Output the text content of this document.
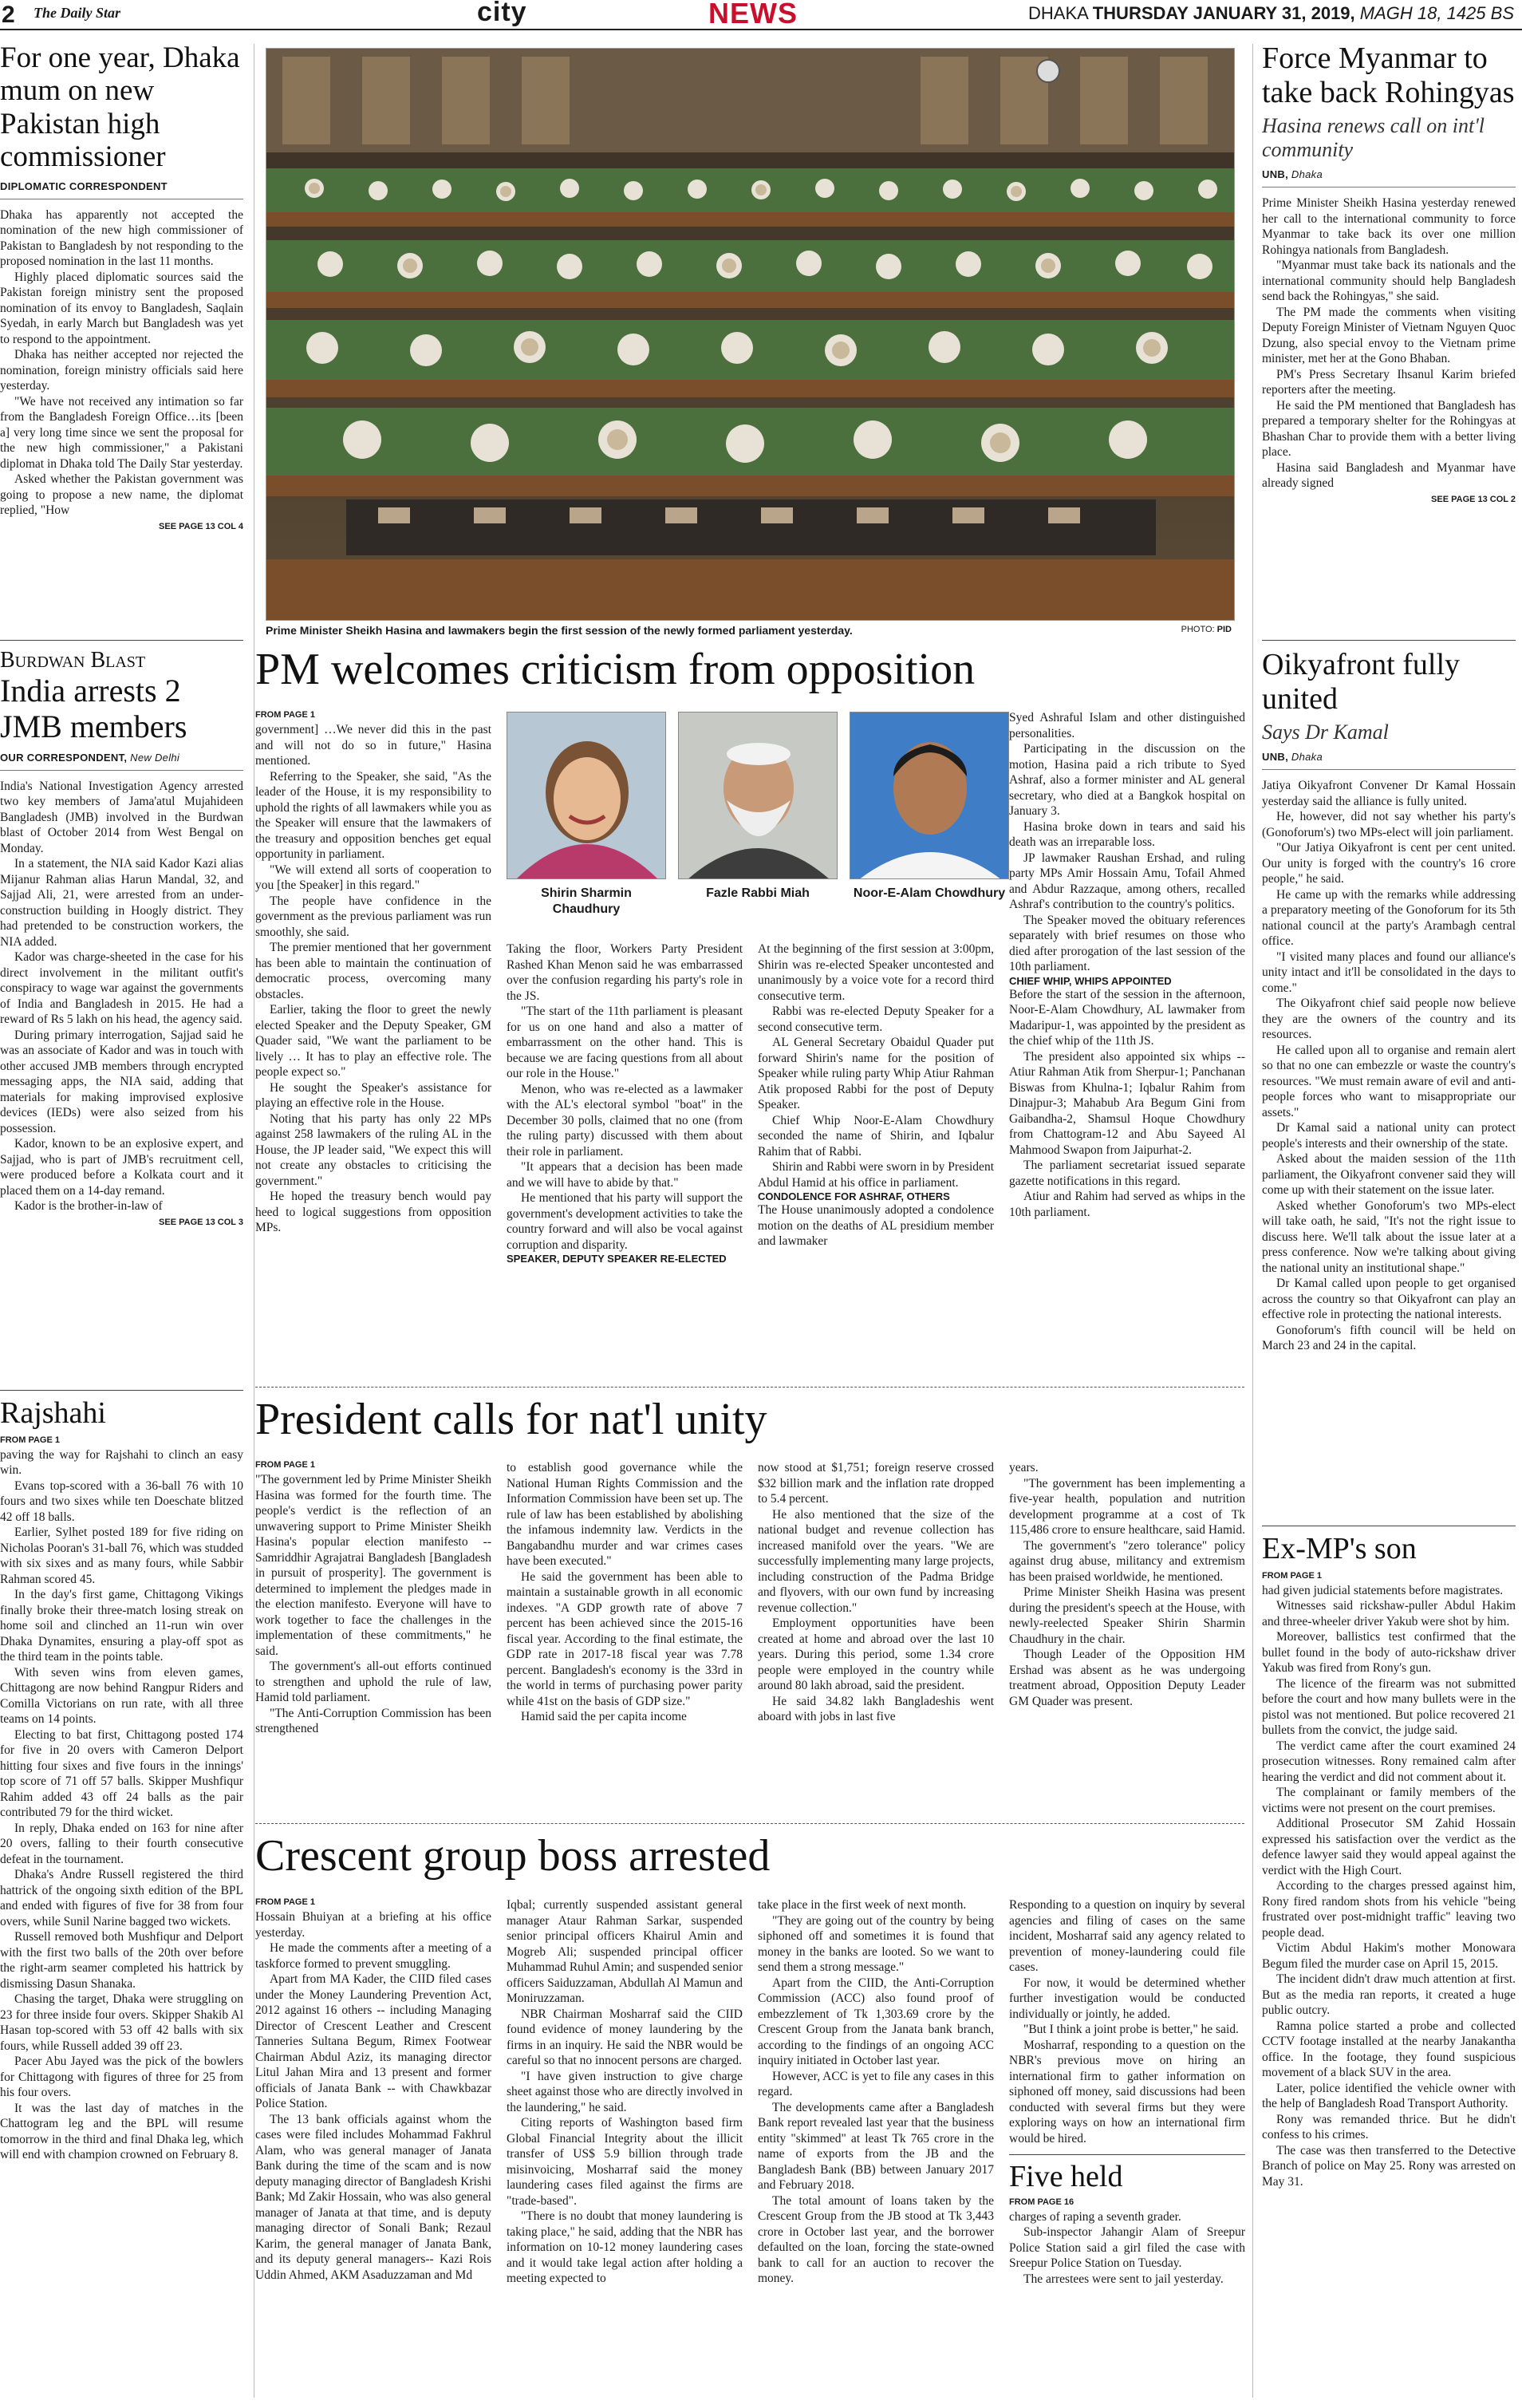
2 The Daily Star	city	NEWS	DHAKA THURSDAY JANUARY 31, 2019, MAGH 18, 1425 BS
For one year, Dhaka mum on new Pakistan high commissioner
DIPLOMATIC CORRESPONDENT

Dhaka has apparently not accepted the nomination of the new high commissioner of Pakistan to Bangladesh by not responding to the proposed nomination in the last 11 months.

Highly placed diplomatic sources said the Pakistan foreign ministry sent the proposed nomination of its envoy to Bangladesh, Saqlain Syedah, in early March but Bangladesh was yet to respond to the appointment.

Dhaka has neither accepted nor rejected the nomination, foreign ministry officials said here yesterday.

"We have not received any intimation so far from the Bangladesh Foreign Office…its [been a] very long time since we sent the proposal for the new high commissioner," a Pakistani diplomat in Dhaka told The Daily Star yesterday.

Asked whether the Pakistan government was going to propose a new name, the diplomat replied, "How

SEE PAGE 13 COL 4
Burdwan Blast
India arrests 2 JMB members
OUR CORRESPONDENT, New Delhi

India's National Investigation Agency arrested two key members of Jama'atul Mujahideen Bangladesh (JMB) involved in the Burdwan blast of October 2014 from West Bengal on Monday.

In a statement, the NIA said Kador Kazi alias Mijanur Rahman alias Harun Mandal, 32, and Sajjad Ali, 21, were arrested from an under-construction building in Hoogly district. They had pretended to be construction workers, the NIA added.

Kador was charge-sheeted in the case for his direct involvement in the militant outfit's conspiracy to wage war against the governments of India and Bangladesh in 2015. He had a reward of Rs 5 lakh on his head, the agency said.

During primary interrogation, Sajjad said he was an associate of Kador and was in touch with other accused JMB members through encrypted messaging apps, the NIA said, adding that materials for making improvised explosive devices (IEDs) were also seized from his possession.

Kador, known to be an explosive expert, and Sajjad, who is part of JMB's recruitment cell, were produced before a Kolkata court and it placed them on a 14-day remand.

Kador is the brother-in-law of

SEE PAGE 13 COL 3
Rajshahi
FROM PAGE 1

paving the way for Rajshahi to clinch an easy win.

Evans top-scored with a 36-ball 76 with 10 fours and two sixes while ten Doeschate blitzed 42 off 18 balls.

Earlier, Sylhet posted 189 for five riding on Nicholas Pooran's 31-ball 76, which was studded with six sixes and as many fours, while Sabbir Rahman scored 45.

In the day's first game, Chittagong Vikings finally broke their three-match losing streak on home soil and clinched an 11-run win over Dhaka Dynamites, ensuring a play-off spot as the third team in the points table.

With seven wins from eleven games, Chittagong are now behind Rangpur Riders and Comilla Victorians on run rate, with all three teams on 14 points.

Electing to bat first, Chittagong posted 174 for five in 20 overs with Cameron Delport hitting four sixes and five fours in the innings' top score of 71 off 57 balls. Skipper Mushfiqur Rahim added 43 off 24 balls as the pair contributed 79 for the third wicket.

In reply, Dhaka ended on 163 for nine after 20 overs, falling to their fourth consecutive defeat in the tournament.

Dhaka's Andre Russell registered the third hattrick of the ongoing sixth edition of the BPL and ended with figures of five for 38 from four overs, while Sunil Narine bagged two wickets.

Russell removed both Mushfiqur and Delport with the first two balls of the 20th over before the right-arm seamer completed his hattrick by dismissing Dasun Shanaka.

Chasing the target, Dhaka were struggling on 23 for three inside four overs. Skipper Shakib Al Hasan top-scored with 53 off 42 balls with six fours, while Russell added 39 off 23.

Pacer Abu Jayed was the pick of the bowlers for Chittagong with figures of three for 25 from his four overs.

It was the last day of matches in the Chattogram leg and the BPL will resume tomorrow in the third and final Dhaka leg, which will end with champion crowned on February 8.

Prime Minister Sheikh Hasina and lawmakers begin the first session of the newly formed parliament yesterday.	PHOTO: PID
PM welcomes criticism from opposition
FROM PAGE 1

government] …We never did this in the past and will not do so in future," Hasina mentioned.

Referring to the Speaker, she said, "As the leader of the House, it is my responsibility to uphold the rights of all lawmakers while you as the Speaker will ensure that the lawmakers of the treasury and opposition benches get equal opportunity in parliament.

"We will extend all sorts of cooperation to you [the Speaker] in this regard."

The people have confidence in the government as the previous parliament was run smoothly, she said.

The premier mentioned that her government has been able to maintain the continuation of democratic process, overcoming many obstacles.

Earlier, taking the floor to greet the newly elected Speaker and the Deputy Speaker, GM Quader said, "We want the parliament to be lively … It has to play an effective role. The people expect so."

He sought the Speaker's assistance for playing an effective role in the House.

Noting that his party has only 22 MPs against 258 lawmakers of the ruling AL in the House, the JP leader said, "We expect this will not create any obstacles to criticising the government."

He hoped the treasury bench would pay heed to logical suggestions from opposition MPs.

Shirin Sharmin Chaudhury
Fazle Rabbi Miah	Noor-E-Alam Chowdhury

Taking the floor, Workers Party President Rashed Khan Menon said he was embarrassed over the confusion regarding his party's role in the JS.

"The start of the 11th parliament is pleasant for us on one hand and also a matter of embarrassment on the other hand. This is because we are facing questions from all about our role in the House."

Menon, who was re-elected as a lawmaker with the AL's electoral symbol "boat" in the December 30 polls, claimed that no one (from the ruling party) discussed with them about their role in parliament.

"It appears that a decision has been made and we will have to abide by that."

He mentioned that his party will support the government's development activities to take the country forward and will also be vocal against corruption and disparity.

SPEAKER, DEPUTY SPEAKER RE-ELECTED

At the beginning of the first session at 3:00pm, Shirin was re-elected Speaker uncontested and unanimously by a voice vote for a record third consecutive term.

Rabbi was re-elected Deputy Speaker for a second consecutive term.

AL General Secretary Obaidul Quader put forward Shirin's name for the position of Speaker while ruling party Whip Atiur Rahman Atik proposed Rabbi for the post of Deputy Speaker.

Chief Whip Noor-E-Alam Chowdhury seconded the name of Shirin, and Iqbalur Rahim that of Rabbi.

Shirin and Rabbi were sworn in by President Abdul Hamid at his office in parliament.

CONDOLENCE FOR ASHRAF, OTHERS

The House unanimously adopted a condolence motion on the deaths of AL presidium member and lawmaker

Syed Ashraful Islam and other distinguished personalities.

Participating in the discussion on the motion, Hasina paid a rich tribute to Syed Ashraf, also a former minister and AL general secretary, who died at a Bangkok hospital on January 3.

Hasina broke down in tears and said his death was an irreparable loss.

JP lawmaker Raushan Ershad, and ruling party MPs Amir Hossain Amu, Tofail Ahmed and Abdur Razzaque, among others, recalled Ashraf's contribution to the country's politics.

The Speaker moved the obituary references separately with brief resumes on those who died after prorogation of the last session of the 10th parliament.

CHIEF WHIP, WHIPS APPOINTED

Before the start of the session in the afternoon, Noor-E-Alam Chowdhury, AL lawmaker from Madaripur-1, was appointed by the president as the chief whip of the 11th JS.

The president also appointed six whips -- Atiur Rahman Atik from Sherpur-1; Panchanan Biswas from Khulna-1; Iqbalur Rahim from Dinajpur-3; Mahabub Ara Begum Gini from Gaibandha-2, Shamsul Hoque Chowdhury from Chattogram-12 and Abu Sayeed Al Mahmood Swapon from Jaipurhat-2.

The parliament secretariat issued separate gazette notifications in this regard.

Atiur and Rahim had served as whips in the 10th parliament.

President calls for nat'l unity
FROM PAGE 1

"The government led by Prime Minister Sheikh Hasina was formed for the fourth time. The people's verdict is the reflection of an unwavering support to Prime Minister Sheikh Hasina's popular election manifesto -- Samriddhir Agrajatrai Bangladesh [Bangladesh in pursuit of prosperity]. The government is determined to implement the pledges made in the election manifesto. Everyone will have to work together to face the challenges in the implementation of these commitments," he said.

The government's all-out efforts continued to strengthen and uphold the rule of law, Hamid told parliament.

"The Anti-Corruption Commission has been strengthened

to establish good governance while the National Human Rights Commission and the Information Commission have been set up. The rule of law has been established by abolishing the infamous indemnity law. Verdicts in the Bangabandhu murder and war crimes cases have been executed."

He said the government has been able to maintain a sustainable growth in all economic indexes. "A GDP growth rate of above 7 percent has been achieved since the 2015-16 fiscal year. According to the final estimate, the GDP rate in 2017-18 fiscal year was 7.78 percent. Bangladesh's economy is the 33rd in the world in terms of purchasing power parity while 41st on the basis of GDP size."

Hamid said the per capita income

now stood at $1,751; foreign reserve crossed $32 billion mark and the inflation rate dropped to 5.4 percent.

He also mentioned that the size of the national budget and revenue collection has increased manifold over the years. "We are successfully implementing many large projects, including construction of the Padma Bridge and flyovers, with our own fund by increasing revenue collection."

Employment opportunities have been created at home and abroad over the last 10 years. During this period, some 1.34 crore people were employed in the country while around 80 lakh abroad, said the president.

He said 34.82 lakh Bangladeshis went aboard with jobs in last five

years.

"The government has been implementing a five-year health, population and nutrition development programme at a cost of Tk 115,486 crore to ensure healthcare, said Hamid.

The government's "zero tolerance" policy against drug abuse, militancy and extremism has been praised worldwide, he mentioned.

Prime Minister Sheikh Hasina was present during the president's speech at the House, with newly-reelected Speaker Shirin Sharmin Chaudhury in the chair.

Though Leader of the Opposition HM Ershad was absent as he was undergoing treatment abroad, Opposition Deputy Leader GM Quader was present.

Crescent group boss arrested
FROM PAGE 1

Hossain Bhuiyan at a briefing at his office yesterday.

He made the comments after a meeting of a taskforce formed to prevent smuggling.

Apart from MA Kader, the CIID filed cases under the Money Laundering Prevention Act, 2012 against 16 others -- including Managing Director of Crescent Leather and Crescent Tanneries Sultana Begum, Rimex Footwear Chairman Abdul Aziz, its managing director Litul Jahan Mira and 13 present and former officials of Janata Bank -- with Chawkbazar Police Station.

The 13 bank officials against whom the cases were filed includes Mohammad Fakhrul Alam, who was general manager of Janata Bank during the time of the scam and is now deputy managing director of Bangladesh Krishi Bank; Md Zakir Hossain, who was also general manager of Janata at that time, and is deputy managing director of Sonali Bank; Rezaul Karim, the general manager of Janata Bank, and its deputy general managers-- Kazi Rois Uddin Ahmed, AKM Asaduzzaman and Md

Iqbal; currently suspended assistant general manager Ataur Rahman Sarkar, suspended senior principal officers Khairul Amin and Mogreb Ali; suspended principal officer Muhammad Ruhul Amin; and suspended senior officers Saiduzzaman, Abdullah Al Mamun and Moniruzzaman.

NBR Chairman Mosharraf said the CIID found evidence of money laundering by the firms in an inquiry. He said the NBR would be careful so that no innocent persons are charged.

"I have given instruction to give charge sheet against those who are directly involved in the laundering," he said.

Citing reports of Washington based firm Global Financial Integrity about the illicit transfer of US$ 5.9 billion through trade misinvoicing, Mosharraf said the money laundering cases filed against the firms are "trade-based".

"There is no doubt that money laundering is taking place," he said, adding that the NBR has information on 10-12 money laundering cases and it would take legal action after holding a meeting expected to

take place in the first week of next month.

"They are going out of the country by being siphoned off and sometimes it is found that money in the banks are looted. So we want to send them a strong message."

Apart from the CIID, the Anti-Corruption Commission (ACC) also found proof of embezzlement of Tk 1,303.69 crore by the Crescent Group from the Janata bank branch, according to the findings of an ongoing ACC inquiry initiated in October last year.

However, ACC is yet to file any cases in this regard.

The developments came after a Bangladesh Bank report revealed last year that the business entity "skimmed" at least Tk 765 crore in the name of exports from the JB and the Bangladesh Bank (BB) between January 2017 and February 2018.

The total amount of loans taken by the Crescent Group from the JB stood at Tk 3,443 crore in October last year, and the borrower defaulted on the loan, forcing the state-owned bank to call for an auction to recover the money.

Responding to a question on inquiry by several agencies and filing of cases on the same incident, Mosharraf said any agency related to prevention of money-laundering could file cases.

For now, it would be determined whether further investigation would be conducted individually or jointly, he added.

"But I think a joint probe is better," he said.

Mosharraf, responding to a question on the NBR's previous move on hiring an international firm to gather information on siphoned off money, said discussions had been conducted with several firms but they were exploring ways on how an international firm would be hired.

Five held
FROM PAGE 16

charges of raping a seventh grader.

Sub-inspector Jahangir Alam of Sreepur Police Station said a girl filed the case with Sreepur Police Station on Tuesday.

The arrestees were sent to jail yesterday.

Force Myanmar to take back Rohingyas
Hasina renews call on int'l community
UNB, Dhaka

Prime Minister Sheikh Hasina yesterday renewed her call to the international community to force Myanmar to take back its over one million Rohingya nationals from Bangladesh.

"Myanmar must take back its nationals and the international community should help Bangladesh send back the Rohingyas," she said.

The PM made the comments when visiting Deputy Foreign Minister of Vietnam Nguyen Quoc Dzung, also special envoy to the Vietnam prime minister, met her at the Gono Bhaban.

PM's Press Secretary Ihsanul Karim briefed reporters after the meeting.

He said the PM mentioned that Bangladesh has prepared a temporary shelter for the Rohingyas at Bhashan Char to provide them with a better living place.

Hasina said Bangladesh and Myanmar have already signed

SEE PAGE 13 COL 2
Oikyafront fully united
Says Dr Kamal
UNB, Dhaka

Jatiya Oikyafront Convener Dr Kamal Hossain yesterday said the alliance is fully united.

He, however, did not say whether his party's (Gonoforum's) two MPs-elect will join parliament.

"Our Jatiya Oikyafront is cent per cent united. Our unity is forged with the country's 16 crore people," he said.

He came up with the remarks while addressing a preparatory meeting of the Gonoforum for its 5th national council at the party's Arambagh central office.

"I visited many places and found our alliance's unity intact and it'll be consolidated in the days to come."

The Oikyafront chief said people now believe they are the owners of the country and its resources.

He called upon all to organise and remain alert so that no one can embezzle or waste the country's resources. "We must remain aware of evil and anti-people forces who want to misappropriate our assets."

Dr Kamal said a national unity can protect people's interests and their ownership of the state.

Asked about the maiden session of the 11th parliament, the Oikyafront convener said they will come up with their statement on the issue later.

Asked whether Gonoforum's two MPs-elect will take oath, he said, "It's not the right issue to discuss here. We'll talk about the issue later at a press conference. Now we're talking about giving the national unity an institutional shape."

Dr Kamal called upon people to get organised across the country so that Oikyafront can play an effective role in protecting the national interests.

Gonoforum's fifth council will be held on March 23 and 24 in the capital.

Ex-MP's son
FROM PAGE 1

had given judicial statements before magistrates.

Witnesses said rickshaw-puller Abdul Hakim and three-wheeler driver Yakub were shot by him.

Moreover, ballistics test confirmed that the bullet found in the body of auto-rickshaw driver Yakub was fired from Rony's gun.

The licence of the firearm was not submitted before the court and how many bullets were in the pistol was not mentioned. But police recovered 21 bullets from the convict, the judge said.

The verdict came after the court examined 24 prosecution witnesses. Rony remained calm after hearing the verdict and did not comment about it.

The complainant or family members of the victims were not present on the court premises.

Additional Prosecutor SM Zahid Hossain expressed his satisfaction over the verdict as the defence lawyer said they would appeal against the verdict with the High Court.

According to the charges pressed against him, Rony fired random shots from his vehicle "being frustrated over post-midnight traffic" leaving two people dead.

Victim Abdul Hakim's mother Monowara Begum filed the murder case on April 15, 2015.

The incident didn't draw much attention at first. But as the media ran reports, it created a huge public outcry.

Ramna police started a probe and collected CCTV footage installed at the nearby Janakantha office. In the footage, they found suspicious movement of a black SUV in the area.

Later, police identified the vehicle owner with the help of Bangladesh Road Transport Authority.

Rony was remanded thrice. But he didn't confess to his crimes.

The case was then transferred to the Detective Branch of police on May 25. Rony was arrested on May 31.
